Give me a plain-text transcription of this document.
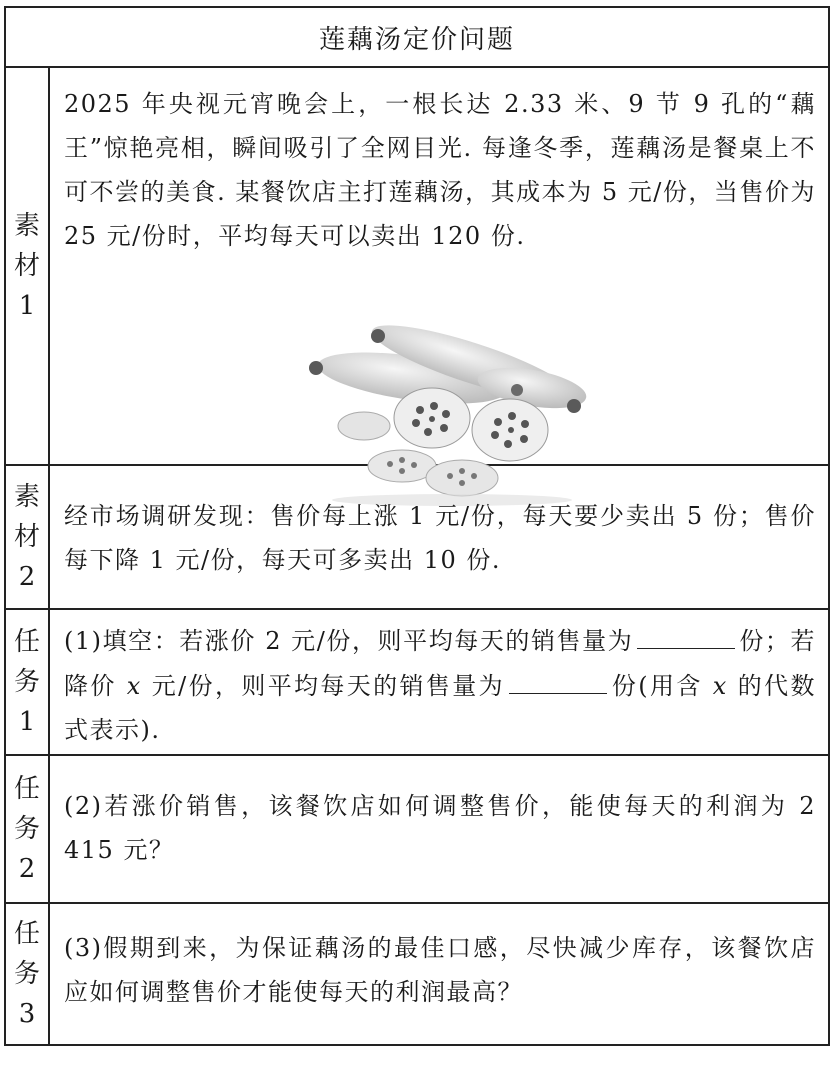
莲藕汤定价问题
素
材
1
2025 年央视元宵晚会上，一根长达 2.33 米、9 节 9 孔的“藕王”惊艳亮相，瞬间吸引了全网目光. 每逢冬季，莲藕汤是餐桌上不可不尝的美食. 某餐饮店主打莲藕汤，其成本为 5 元/份，当售价为 25 元/份时，平均每天可以卖出 120 份.
素
材
2
经市场调研发现：售价每上涨 1 元/份，每天要少卖出 5 份；售价每下降 1 元/份，每天可多卖出 10 份.
任
务
1
(1)填空：若涨价 2 元/份，则平均每天的销售量为	份；若降价 x 元/份，则平均每天的销售量为	份(用含 x 的代数式表示).
任
务
2
(2)若涨价销售，该餐饮店如何调整售价，能使每天的利润为 2 415 元？
任
务
3
(3)假期到来，为保证藕汤的最佳口感，尽快减少库存，该餐饮店应如何调整售价才能使每天的利润最高？
